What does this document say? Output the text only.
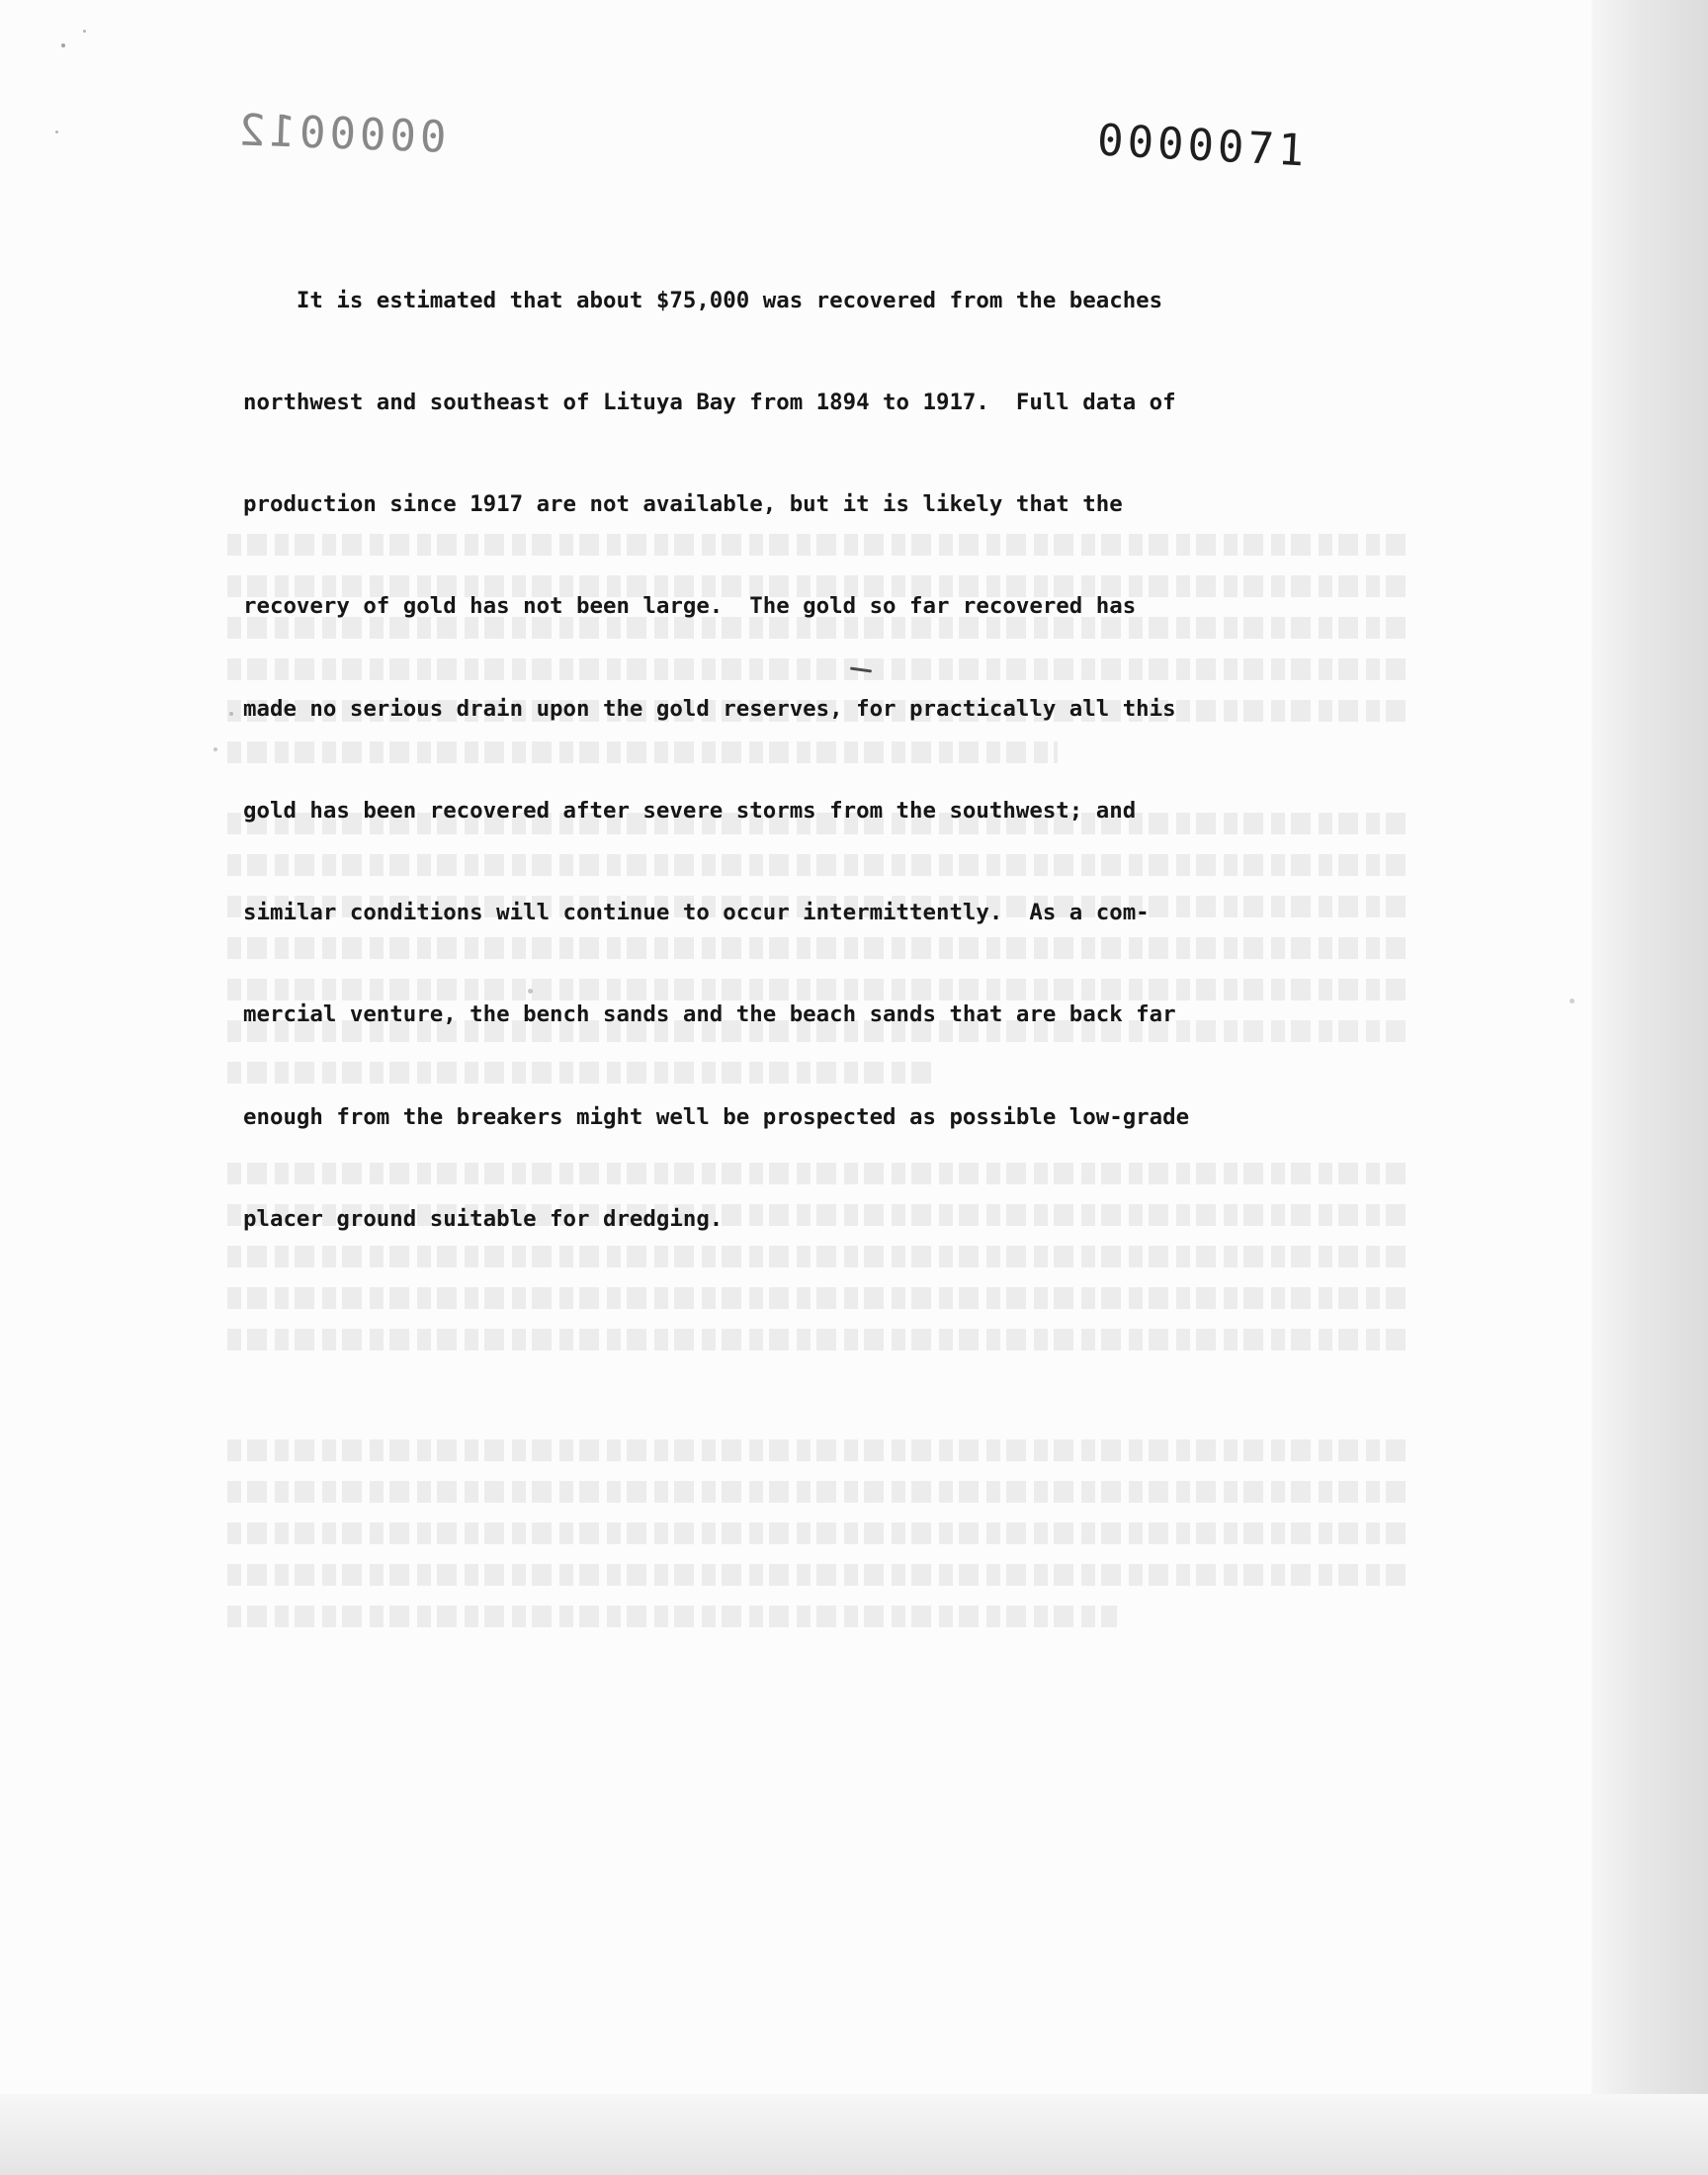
0000012	0000071

It is estimated that about $75,000 was recovered from the beaches

northwest and southeast of Lituya Bay from 1894 to 1917.  Full data of

production since 1917 are not available, but it is likely that the

recovery of gold has not been large.  The gold so far recovered has

made no serious drain upon the gold reserves, for practically all this

gold has been recovered after severe storms from the southwest; and

similar conditions will continue to occur intermittently.  As a com-

mercial venture, the bench sands and the beach sands that are back far

enough from the breakers might well be prospected as possible low-grade

placer ground suitable for dredging.
